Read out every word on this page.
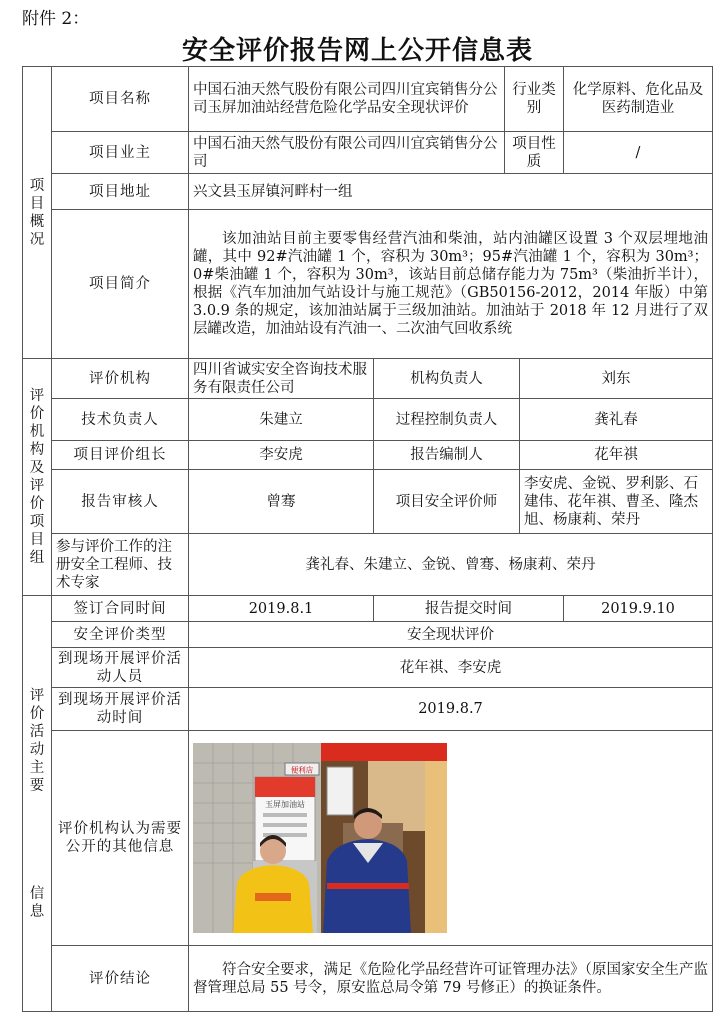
附件 2：
安全评价报告网上公开信息表
项目概况	项目名称	中国石油天然气股份有限公司四川宜宾销售分公司玉屏加油站经营危险化学品安全现状评价		行业类别		化学原料、危化品及医药制造业
	项目业主	中国石油天然气股份有限公司四川宜宾销售分公司		项目性质		/
	项目地址	兴文县玉屏镇河畔村一组				
	项目简介	该加油站目前主要零售经营汽油和柴油，站内油罐区设置 3 个双层埋地油罐，其中 92#汽油罐 1 个，容积为 30m³；95#汽油罐 1 个，容积为 30m³；0#柴油罐 1 个，容积为 30m³，该站目前总储存能力为 75m³（柴油折半计），根据《汽车加油加气站设计与施工规范》（GB50156-2012，2014 年版）中第 3.0.9 条的规定，该加油站属于三级加油站。加油站于 2018 年 12 月进行了双层罐改造，加油站设有汽油一、二次油气回收系统				
评价机构及评价项目组	评价机构	四川省诚实安全咨询技术服务有限责任公司	机构负责人		刘东	
	技术负责人	朱建立	过程控制负责人		龚礼春	
	项目评价组长	李安虎	报告编制人		花年祺	
	报告审核人	曾骞	项目安全评价师		李安虎、金锐、罗利影、石建伟、花年祺、曹圣、隆杰旭、杨康莉、荣丹	
	参与评价工作的注册安全工程师、技术专家	龚礼春、朱建立、金锐、曾骞、杨康莉、荣丹				
评价活动主要

信息	签订合同时间	2019.8.1	报告提交时间			2019.9.10
	安全评价类型	安全现状评价				
	到现场开展评价活动人员	花年祺、李安虎				
	到现场开展评价活动时间	2019.8.7				
	评价机构认为需要公开的其他信息	便利店
玉屏加油站				

	评价结论	符合安全要求，满足《危险化学品经营许可证管理办法》（原国家安全生产监督管理总局 55 号令，原安监总局令第 79 号修正）的换证条件。				
